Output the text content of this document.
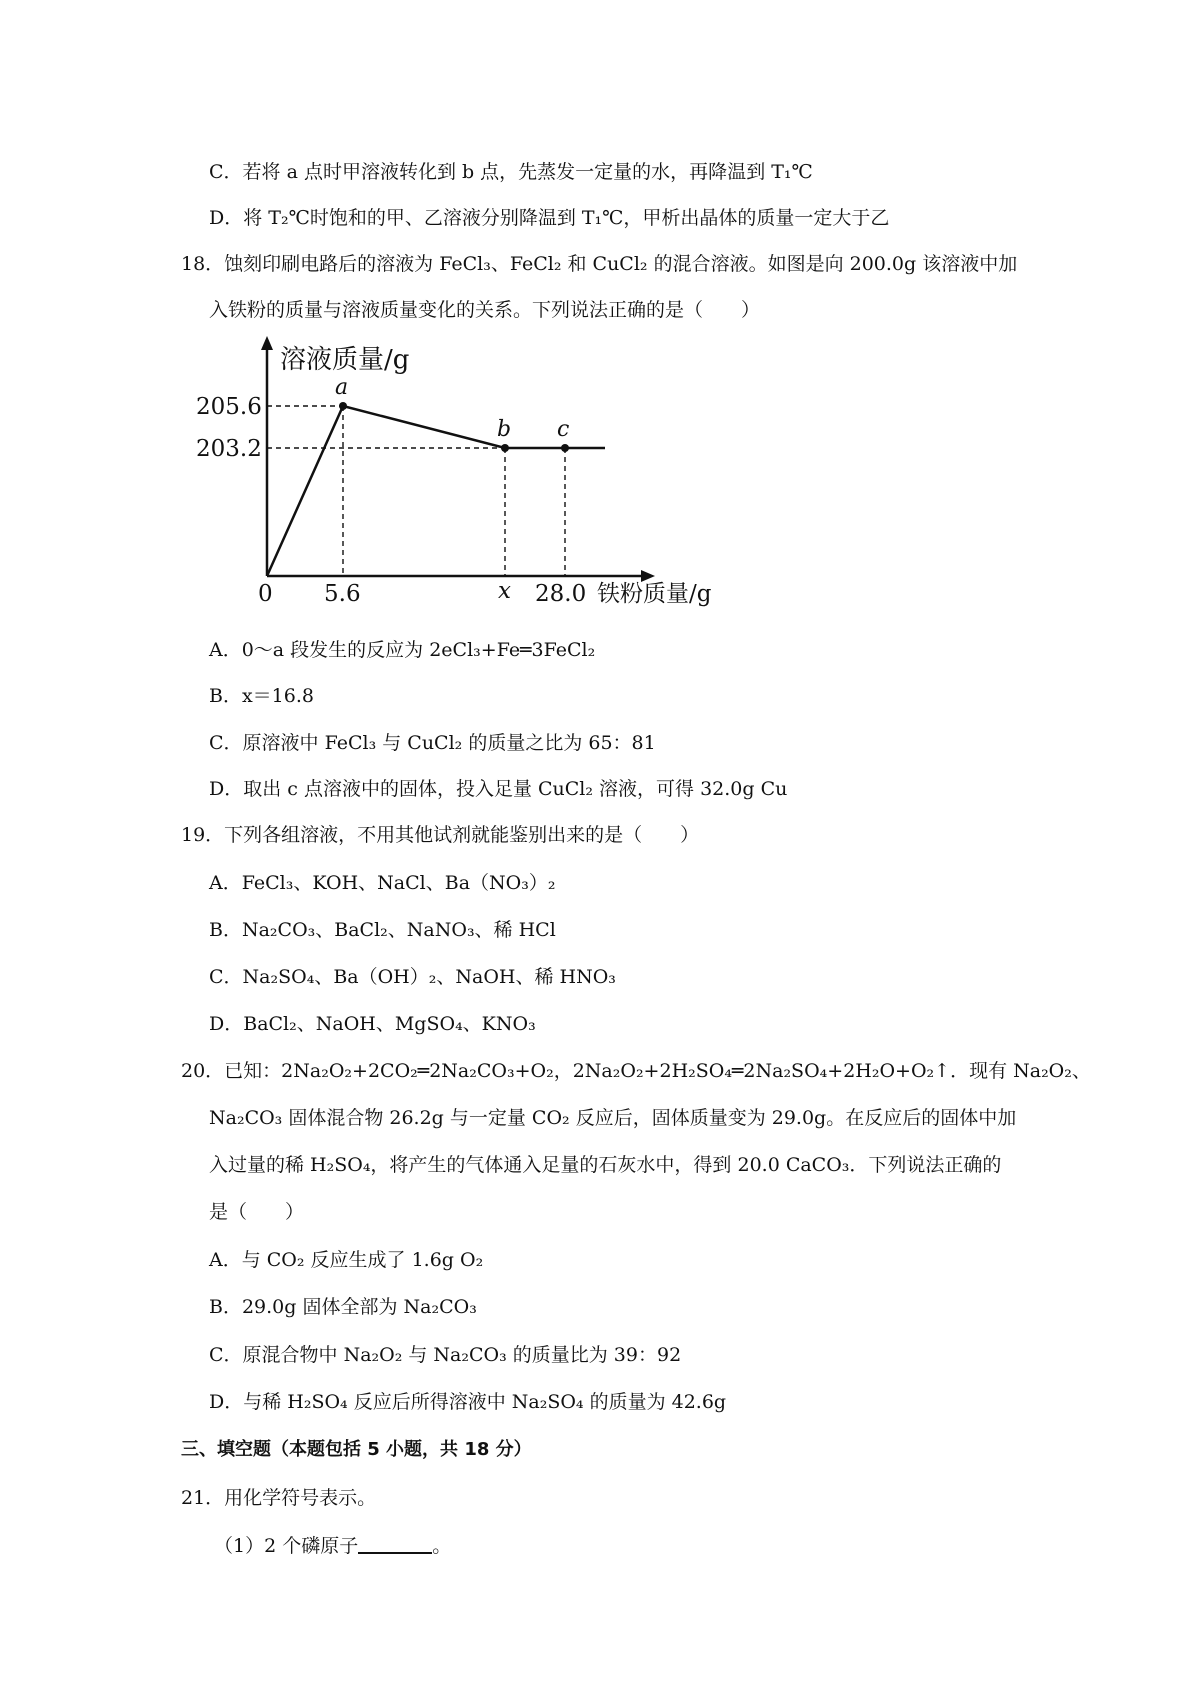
C．若将 a 点时甲溶液转化到 b 点，先蒸发一定量的水，再降温到 T₁℃
D．将 T₂℃时饱和的甲、乙溶液分别降温到 T₁℃，甲析出晶体的质量一定大于乙
18．蚀刻印刷电路后的溶液为 FeCl₃、FeCl₂ 和 CuCl₂ 的混合溶液。如图是向 200.0g 该溶液中加
入铁粉的质量与溶液质量变化的关系。下列说法正确的是（　　）
溶液质量/g
a
b c
205.6
203.2
0 5.6	x 28.0 铁粉质量/g
A．0～a 段发生的反应为 2eCl₃+Fe═3FeCl₂
B．x＝16.8
C．原溶液中 FeCl₃ 与 CuCl₂ 的质量之比为 65：81
D．取出 c 点溶液中的固体，投入足量 CuCl₂ 溶液，可得 32.0g Cu
19．下列各组溶液，不用其他试剂就能鉴别出来的是（　　）
A．FeCl₃、KOH、NaCl、Ba（NO₃）₂
B．Na₂CO₃、BaCl₂、NaNO₃、稀 HCl
C．Na₂SO₄、Ba（OH）₂、NaOH、稀 HNO₃
D．BaCl₂、NaOH、MgSO₄、KNO₃
20．已知：2Na₂O₂+2CO₂═2Na₂CO₃+O₂，2Na₂O₂+2H₂SO₄═2Na₂SO₄+2H₂O+O₂↑．现有 Na₂O₂、
Na₂CO₃ 固体混合物 26.2g 与一定量 CO₂ 反应后，固体质量变为 29.0g。在反应后的固体中加
入过量的稀 H₂SO₄，将产生的气体通入足量的石灰水中，得到 20.0 CaCO₃．下列说法正确的
是（　　）
A．与 CO₂ 反应生成了 1.6g O₂
B．29.0g 固体全部为 Na₂CO₃
C．原混合物中 Na₂O₂ 与 Na₂CO₃ 的质量比为 39：92
D．与稀 H₂SO₄ 反应后所得溶液中 Na₂SO₄ 的质量为 42.6g
三、填空题（本题包括 5 小题，共 18 分）
21．用化学符号表示。
（1）2 个磷原子	。
